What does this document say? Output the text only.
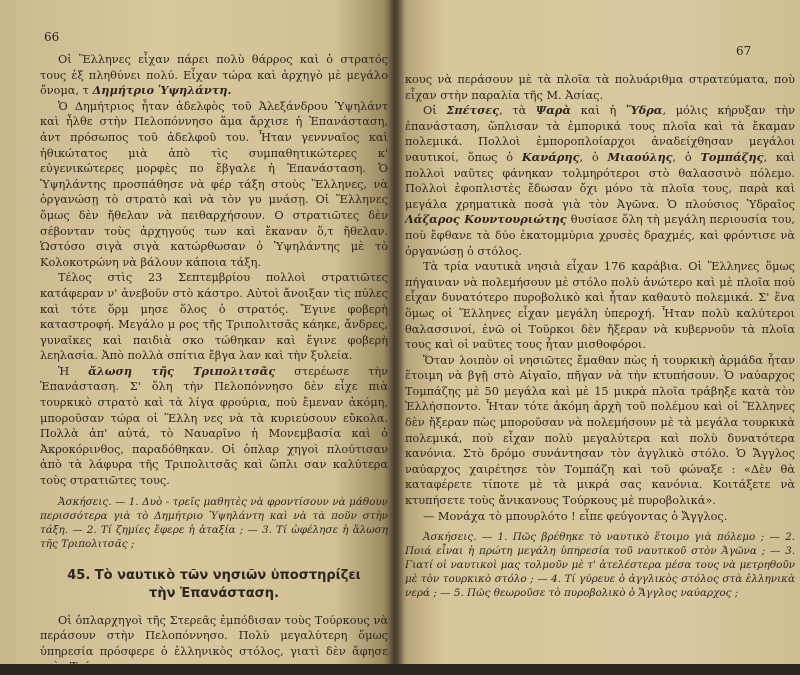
66

Οἱ Ἕλληνες εἶχαν πάρει πολὺ θάρρος καὶ ὁ στρατός τους ἐξ πληθύνει πολύ. Εἶχαν τώρα καὶ ἀρχηγὸ μὲ μεγάλο ὄνομα, τ Δημήτριο Ὑψηλάντη.

Ὁ Δημήτριος ἦταν ἀδελφὸς τοῦ Ἀλεξάνδρου Ὑψηλάντ καὶ ἦλθε στὴν Πελοπόννησο ἅμα ἄρχισε ἡ Ἐπανάσταση, ἀντ πρόσωπος τοῦ ἀδελφοῦ του. Ἦταν γεννναῖος καὶ ἠθικώτατος μιὰ ἀπὸ τὶς συμπαθητικώτερες κ' εὐγενικώτερες μορφὲς πο ἔβγαλε ἡ Ἐπανάσταση. Ὁ Ὑψηλάντης προσπάθησε νὰ φέρ τάξη στοὺς Ἕλληνες, νὰ ὀργανώσῃ τὸ στρατὸ καὶ νὰ τὸν γυ μνάσῃ. Οἱ Ἕλληνες ὅμως δὲν ἤθελαν νὰ πειθαρχήσουν. Ο στρατιῶτες δὲν σέβονταν τοὺς ἀρχηγούς των καὶ ἔκαναν ὅ,τ ἤθελαν. Ὡστόσο σιγὰ σιγὰ κατώρθωσαν ὁ Ὑψηλάντης μὲ τὸ Κολοκοτρώνη νὰ βάλουν κάποια τάξη.

Τέλος στὶς 23 Σεπτεμβρίου πολλοὶ στρατιῶτες κατάφεραν ν' ἀνεβοῦν στὸ κάστρο. Αὐτοὶ ἄνοιξαν τὶς πύλες καὶ τότε ὅρμ μησε ὅλος ὁ στρατός. Ἔγινε φοβερὴ καταστροφή. Μεγάλο μ ρος τῆς Τριπολιτσᾶς κάηκε, ἄνδρες, γυναῖκες καὶ παιδιὰ σκο τώθηκαν καὶ ἔγινε φοβερὴ λεηλασία. Ἀπὸ πολλὰ σπίτια ἔβγα λαν καὶ τὴν ξυλεία.

Ἡ ἅλωση τῆς Τριπολιτσᾶς στερέωσε τὴν Ἐπανάσταση. Σ' ὅλη τὴν Πελοπόννησο δὲν εἶχε πιὰ τουρκικὸ στρατὸ καὶ τὰ λίγα φρούρια, ποὺ ἔμεναν ἀκόμη, μποροῦσαν τώρα οἱ Ἕλλη νες νὰ τὰ κυριεύσουν εὔκολα. Πολλὰ ἀπ' αὐτά, τὸ Ναυαρῖνο ἡ Μονεμβασία καὶ ὁ Ἀκροκόρινθος, παραδόθηκαν. Οἱ ὁπλαρ χηγοὶ πλούτισαν ἀπὸ τὰ λάφυρα τῆς Τριπολιτσᾶς καὶ ὥπλι σαν καλύτερα τοὺς στρατιῶτες τους.

Ἀσκήσεις. — 1. Δυὸ - τρεῖς μαθητὲς νὰ φροντίσουν νὰ μάθουν περισσότερα γιὰ τὸ Δημήτριο Ὑψηλάντη καὶ νὰ τὰ ποῦν στὴν τάξη. — 2. Τί ζημίες ἔφερε ἡ ἀταξία ; — 3. Τί ὠφέλησε ἡ ἅλωση τῆς Τριπολιτσᾶς ;

45. Τὸ ναυτικὸ τῶν νησιῶν ὑποστηρίζει
τὴν Ἐπανάσταση.

Οἱ ὁπλαρχηγοὶ τῆς Στερεᾶς ἐμπόδισαν τοὺς Τούρκους νὰ περάσουν στὴν Πελοπόννησο. Πολὺ μεγαλύτερη ὅμως ὑπηρεσία πρόσφερε ὁ ἑλληνικὸς στόλος, γιατὶ δὲν ἄφησε τοὺς Τούρ

67

κους νὰ περάσουν μὲ τὰ πλοῖα τὰ πολυάριθμα στρατεύματα, ποὺ εἶχαν στὴν παραλία τῆς Μ. Ἀσίας.

Οἱ Σπέτσες, τὰ Ψαρὰ καὶ ἡ Ὕδρα, μόλις κήρυξαν τὴν ἐπανάσταση, ὥπλισαν τὰ ἐμπορικά τους πλοῖα καὶ τὰ ἔκαμαν πολεμικά. Πολλοὶ ἐμποροπλοίαρχοι ἀναδείχθησαν μεγάλοι ναυτικοί, ὅπως ὁ Κανάρης, ὁ Μιαούλης, ὁ Τομπάζης, καὶ πολλοὶ ναῦτες φάνηκαν τολμηρότεροι στὸ θαλασσινὸ πόλεμο. Πολλοὶ ἐφοπλιστὲς ἔδωσαν ὄχι μόνο τὰ πλοῖα τους, παρὰ καὶ μεγάλα χρηματικὰ ποσὰ γιὰ τὸν Ἀγῶνα. Ὁ πλούσιος Ὑδραῖος Λάζαρος Κουντουριώτης θυσίασε ὅλη τὴ μεγάλη περιουσία του, ποὺ ἔφθανε τὰ δύο ἑκατομμύρια χρυσὲς δραχμές, καὶ φρόντισε νὰ ὀργανώσῃ ὁ στόλος.

Τὰ τρία ναυτικὰ νησιὰ εἶχαν 176 καράβια. Οἱ Ἕλληνες ὅμως πήγαιναν νὰ πολεμήσουν μὲ στόλο πολὺ ἀνώτερο καὶ μὲ πλοῖα ποὺ εἶχαν δυνατότερο πυροβολικὸ καὶ ἦταν καθαυτὸ πολεμικά. Σ' ἕνα ὅμως οἱ Ἕλληνες εἶχαν μεγάλη ὑπεροχή. Ἦταν πολὺ καλύτεροι θαλασσινοί, ἐνῶ οἱ Τοῦρκοι δὲν ἤξεραν νὰ κυβερνοῦν τὰ πλοῖα τους καὶ οἱ ναῦτες τους ἦταν μισθοφόροι.

Ὅταν λοιπὸν οἱ νησιῶτες ἔμαθαν πὼς ἡ τουρκικὴ ἀρμάδα ἦταν ἕτοιμη νὰ βγῇ στὸ Αἰγαῖο, πῆγαν νὰ τὴν κτυπήσουν. Ὁ ναύαρχος Τομπάζης μὲ 50 μεγάλα καὶ μὲ 15 μικρὰ πλοῖα τράβηξε κατὰ τὸν Ἑλλήσποντο. Ἦταν τότε ἀκόμη ἀρχὴ τοῦ πολέμου καὶ οἱ Ἕλληνες δὲν ἤξεραν πὼς μποροῦσαν νὰ πολεμήσουν μὲ τὰ μεγάλα τουρκικὰ πολεμικά, ποὺ εἶχαν πολὺ μεγαλύτερα καὶ πολὺ δυνατότερα κανόνια. Στὸ δρόμο συνάντησαν τὸν ἀγγλικὸ στόλο. Ὁ Ἄγγλος ναύαρχος χαιρέτησε τὸν Τομπάζη καὶ τοῦ φώναξε : «Δὲν θὰ καταφέρετε τίποτε μὲ τὰ μικρά σας κανόνια. Κοιτάξετε νὰ κτυπήσετε τοὺς ἄνικανους Τούρκους μὲ πυροβολικά».

— Μονάχα τὸ μπουρλότο ! εἶπε φεύγοντας ὁ Ἄγγλος.

Ἀσκήσεις. — 1. Πῶς βρέθηκε τὸ ναυτικὸ ἕτοιμο γιὰ πόλεμο ; — 2. Ποιά εἶναι ἡ πρώτη μεγάλη ὑπηρεσία τοῦ ναυτικοῦ στὸν Ἀγῶνα ; — 3. Γιατί οἱ ναυτικοὶ μας τολμοῦν μὲ τ' ἀτελέστερα μέσα τους νὰ μετρηθοῦν μὲ τὸν τουρκικὸ στόλο ; — 4. Τί γύρευε ὁ ἀγγλικὸς στόλος στὰ ἑλληνικὰ νερά ; — 5. Πῶς θεωροῦσε τὸ πυροβολικὸ ὁ Ἄγγλος ναύαρχος ;
